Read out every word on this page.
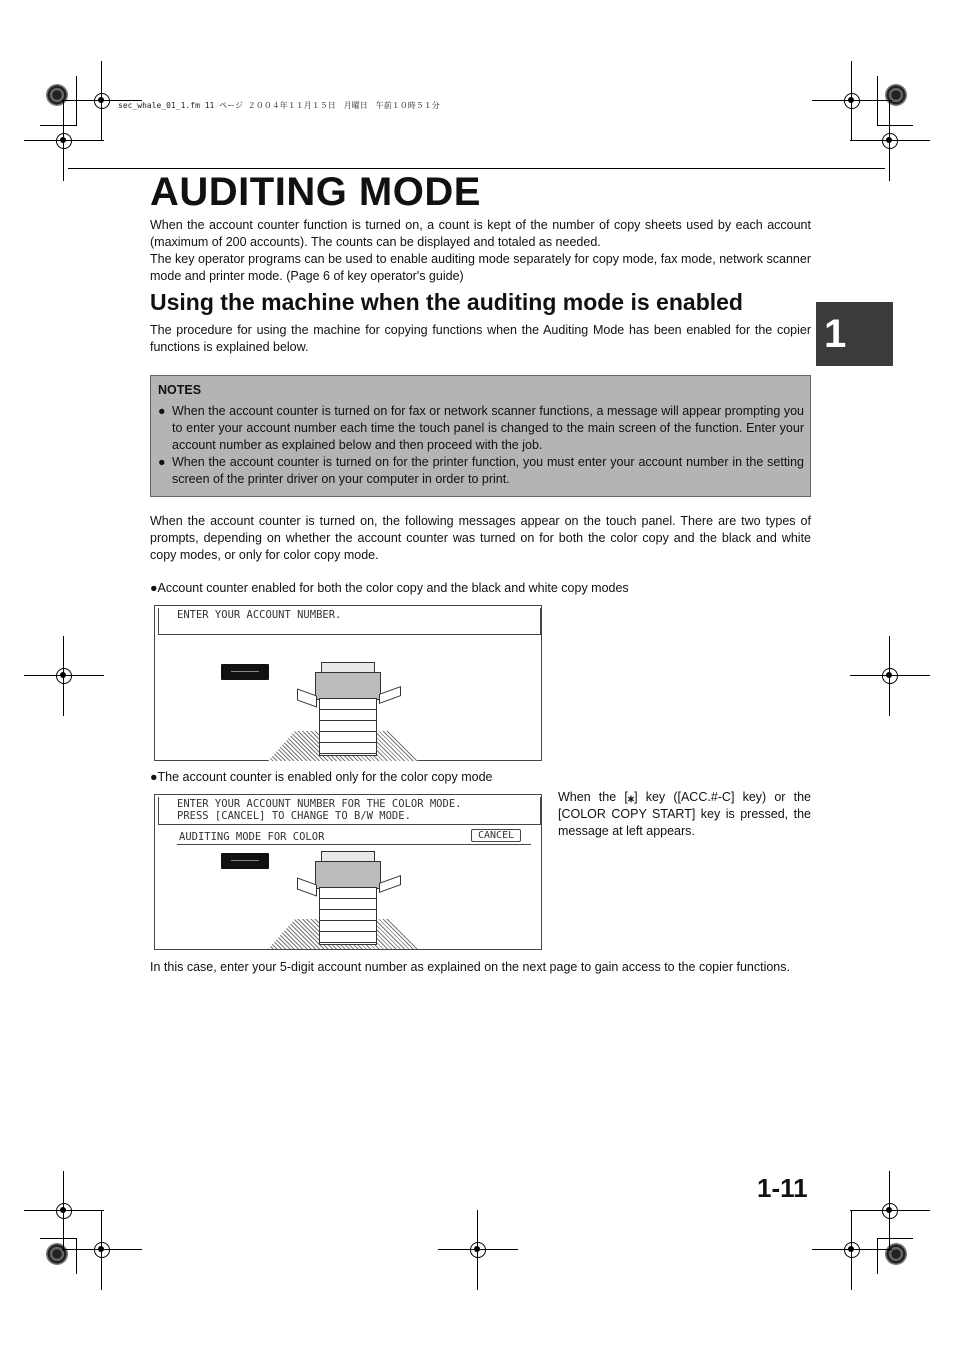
sec_whale_01_1.fm 11 ページ ２００４年１１月１５日　月曜日　午前１０時５１分
AUDITING MODE

When the account counter function is turned on, a count is kept of the number of copy sheets used by each account (maximum of 200 accounts). The counts can be displayed and totaled as needed.

The key operator programs can be used to enable auditing mode separately for copy mode, fax mode, network scanner mode and printer mode. (Page 6 of key operator's guide)

Using the machine when the auditing mode is enabled
1

The procedure for using the machine for copying functions when the Auditing Mode has been enabled for the copier functions is explained below.

NOTES
● When the account counter is turned on for fax or network scanner functions, a message will appear prompting you to enter your account number each time the touch panel is changed to the main screen of the function. Enter your account number as explained below and then proceed with the job.
● When the account counter is turned on for the printer function, you must enter your account number in the setting screen of the printer driver on your computer in order to print.

When the account counter is turned on, the following messages appear on the touch panel. There are two types of prompts, depending on whether the account counter was turned on for both the color copy and the black and white copy modes, or only for color copy mode.

●Account counter enabled for both the color copy and the black and white copy modes
ENTER YOUR ACCOUNT NUMBER.
●The account counter is enabled only for the color copy mode
ENTER YOUR ACCOUNT NUMBER FOR THE COLOR MODE.
PRESS [CANCEL] TO CHANGE TO B/W MODE.
AUDITING MODE FOR COLOR	CANCEL

When the [⁎] key ([ACC.#-C] key) or the [COLOR COPY START] key is pressed, the message at left appears.

In this case, enter your 5-digit account number as explained on the next page to gain access to the copier functions.

1-11
